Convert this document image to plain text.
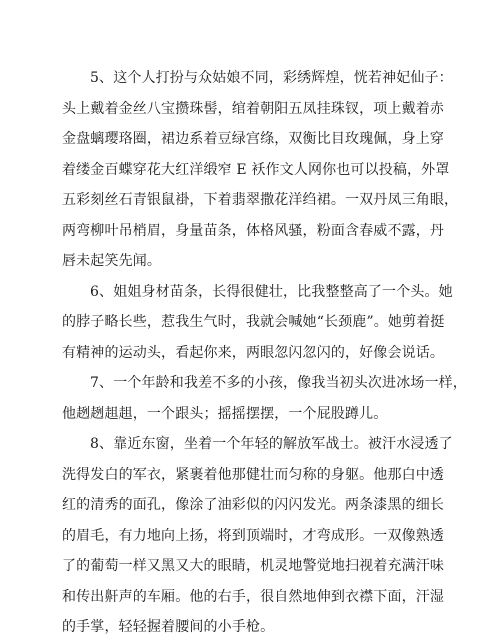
5、这个人打扮与众姑娘不同，彩绣辉煌，恍若神妃仙子：
头上戴着金丝八宝攒珠髻，绾着朝阳五凤挂珠钗，项上戴着赤
金盘螭璎珞圈，裙边系着豆绿宫绦，双衡比目玫瑰佩，身上穿
着缕金百蝶穿花大红洋缎窄 E 袄作文人网你也可以投稿，外罩
五彩刻丝石青银鼠褂，下着翡翠撒花洋绉裙。一双丹凤三角眼，
两弯柳叶吊梢眉，身量苗条，体格风骚，粉面含春威不露，丹
唇未起笑先闻。
6、姐姐身材苗条，长得很健壮，比我整整高了一个头。她
的脖子略长些，惹我生气时，我就会喊她“长颈鹿”。她剪着挺
有精神的运动头，看起你来，两眼忽闪忽闪的，好像会说话。
7、一个年龄和我差不多的小孩，像我当初头次进冰场一样，
他趔趔趄趄，一个跟头；摇摇摆摆，一个屁股蹲儿。
8、靠近东窗，坐着一个年轻的解放军战士。被汗水浸透了
洗得发白的军衣，紧裹着他那健壮而匀称的身躯。他那白中透
红的清秀的面孔，像涂了油彩似的闪闪发光。两条漆黑的细长
的眉毛，有力地向上扬，将到顶端时，才弯成形。一双像熟透
了的葡萄一样又黑又大的眼睛，机灵地警觉地扫视着充满汗味
和传出鼾声的车厢。他的右手，很自然地伸到衣襟下面，汗湿
的手掌，轻轻握着腰间的小手枪。
